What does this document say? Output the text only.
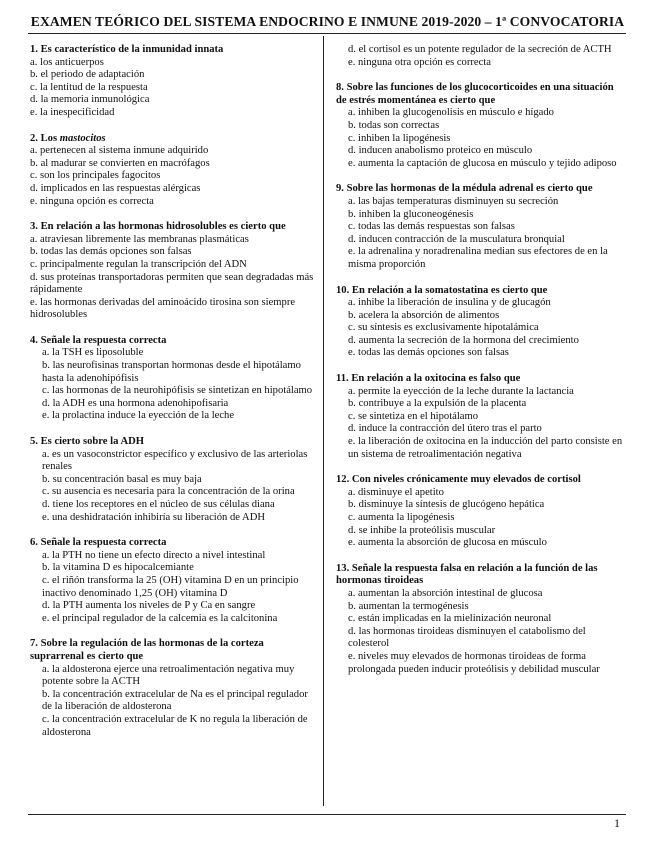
EXAMEN TEÓRICO DEL SISTEMA ENDOCRINO E INMUNE 2019-2020 – 1ª CONVOCATORIA
1. Es característico de la inmunidad innata
a. los anticuerpos
b. el periodo de adaptación
c. la lentitud de la respuesta
d. la memoria inmunológica
e. la inespecificidad
2. Los mastocitos
a. pertenecen al sistema inmune adquirido
b. al madurar se convierten en macrófagos
c. son los principales fagocitos
d. implicados en las respuestas alérgicas
e. ninguna opción es correcta
3. En relación a las hormonas hidrosolubles es cierto que
a. atraviesan libremente las membranas plasmáticas
b. todas las demás opciones son falsas
c. principalmente regulan la transcripción del ADN
d. sus proteínas transportadoras permiten que sean degradadas más rápidamente
e. las hormonas derivadas del aminoácido tirosina son siempre hidrosolubles
4. Señale la respuesta correcta
a. la TSH es liposoluble
b. las neurofisinas transportan hormonas desde el hipotálamo hasta la adenohipófisis
c. las hormonas de la neurohipófisis se sintetizan en hipotálamo
d. la ADH es una hormona adenohipofisaria
e. la prolactina induce la eyección de la leche
5. Es cierto sobre la ADH
a. es un vasoconstrictor específico y exclusivo de las arteriolas renales
b. su concentración basal es muy baja
c. su ausencia es necesaria para la concentración de la orina
d. tiene los receptores en el núcleo de sus células diana
e. una deshidratación inhibiría su liberación de ADH
6. Señale la respuesta correcta
a. la PTH no tiene un efecto directo a nivel intestinal
b. la vitamina D es hipocalcemiante
c. el riñón transforma la 25 (OH) vitamina D en un principio inactivo denominado 1,25 (OH) vitamina D
d. la PTH aumenta los niveles de P y Ca en sangre
e. el principal regulador de la calcemia es la calcitonina
7. Sobre la regulación de las hormonas de la corteza suprarrenal es cierto que
a. la aldosterona ejerce una retroalimentación negativa muy potente sobre la ACTH
b. la concentración extracelular de Na es el principal regulador de la liberación de aldosterona
c. la concentración extracelular de K no regula la liberación de aldosterona
d. el cortisol es un potente regulador de la secreción de ACTH
e. ninguna otra opción es correcta
8. Sobre las funciones de los glucocorticoides en una situación de estrés momentánea es cierto que
a. inhiben la glucogenolisis en músculo e hígado
b. todas son correctas
c. inhiben la lipogénesis
d. inducen anabolismo proteico en músculo
e. aumenta la captación de glucosa en músculo y tejido adiposo
9. Sobre las hormonas de la médula adrenal es cierto que
a. las bajas temperaturas disminuyen su secreción
b. inhiben la gluconeogénesis
c. todas las demás respuestas son falsas
d. inducen contracción de la musculatura bronquial
e. la adrenalina y noradrenalina median sus efectores de en la misma proporción
10. En relación a la somatostatina es cierto que
a. inhibe la liberación de insulina y de glucagón
b. acelera la absorción de alimentos
c. su síntesis es exclusivamente hipotalámica
d. aumenta la secreción de la hormona del crecimiento
e. todas las demás opciones son falsas
11. En relación a la oxitocina es falso que
a. permite la eyección de la leche durante la lactancia
b. contribuye a la expulsión de la placenta
c. se sintetiza en el hipotálamo
d. induce la contracción del útero tras el parto
e. la liberación de oxitocina en la inducción del parto consiste en un sistema de retroalimentación negativa
12. Con niveles crónicamente muy elevados de cortisol
a. disminuye el apetito
b. disminuye la síntesis de glucógeno hepática
c. aumenta la lipogénesis
d. se inhibe la proteólisis muscular
e. aumenta la absorción de glucosa en músculo
13. Señale la respuesta falsa en relación a la función de las hormonas tiroideas
a. aumentan la absorción intestinal de glucosa
b. aumentan la termogénesis
c. están implicadas en la mielinización neuronal
d. las hormonas tiroideas disminuyen el catabolismo del colesterol
e. niveles muy elevados de hormonas tiroideas de forma prolongada pueden inducir proteólisis y debilidad muscular
1
